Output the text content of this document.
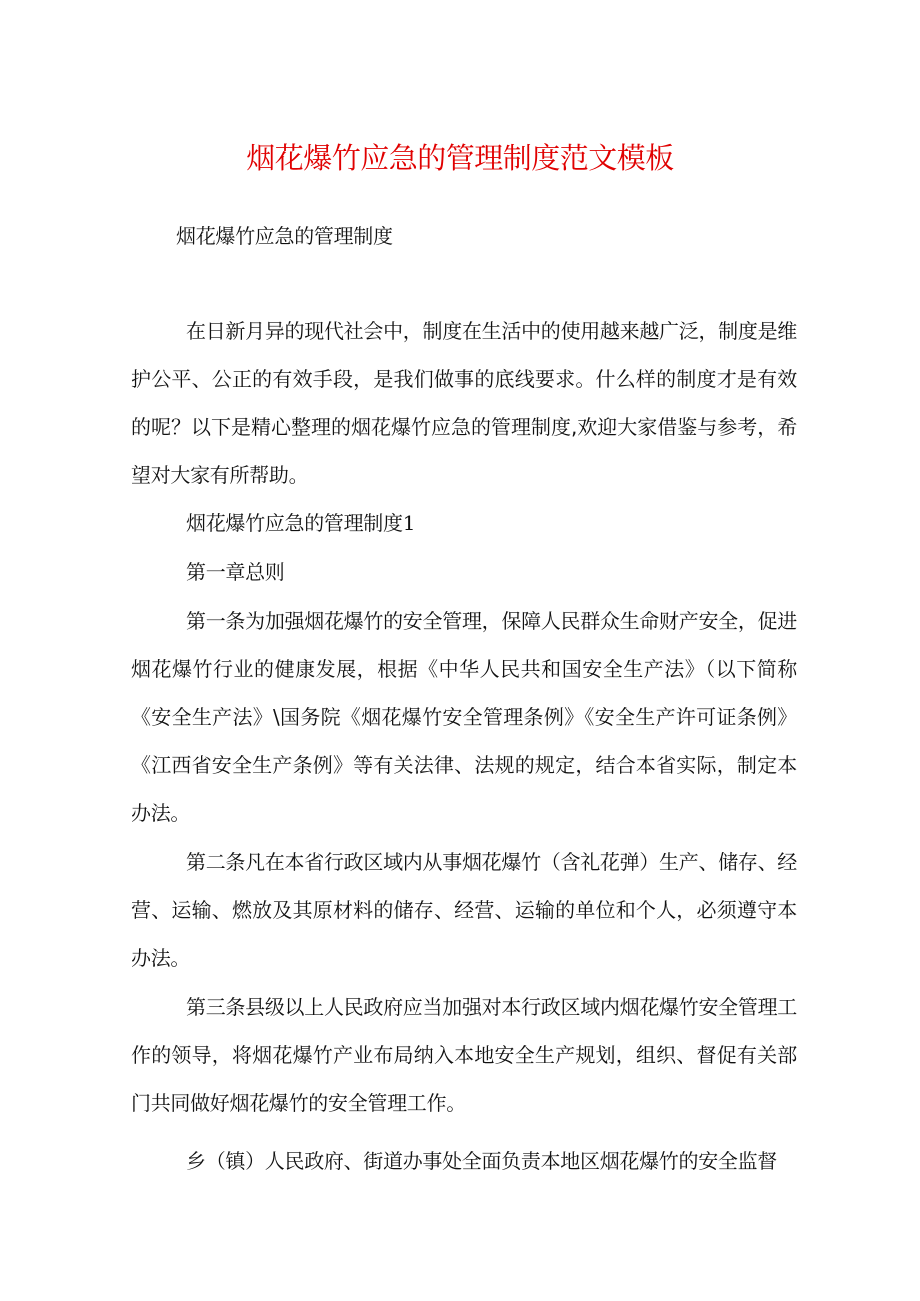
烟花爆竹应急的管理制度范文模板
烟花爆竹应急的管理制度

在日新月异的现代社会中，制度在生活中的使用越来越广泛，制度是维护公平、公正的有效手段，是我们做事的底线要求。什么样的制度才是有效的呢？以下是精心整理的烟花爆竹应急的管理制度,欢迎大家借鉴与参考，希望对大家有所帮助。

烟花爆竹应急的管理制度1
第一章总则

第一条为加强烟花爆竹的安全管理，保障人民群众生命财产安全，促进烟花爆竹行业的健康发展，根据《中华人民共和国安全生产法》（以下简称《安全生产法》\国务院《烟花爆竹安全管理条例》《安全生产许可证条例》《江西省安全生产条例》等有关法律、法规的规定，结合本省实际，制定本办法。

第二条凡在本省行政区域内从事烟花爆竹（含礼花弹）生产、储存、经营、运输、燃放及其原材料的储存、经营、运输的单位和个人，必须遵守本办法。

第三条县级以上人民政府应当加强对本行政区域内烟花爆竹安全管理工作的领导，将烟花爆竹产业布局纳入本地安全生产规划，组织、督促有关部门共同做好烟花爆竹的安全管理工作。

乡（镇）人民政府、街道办事处全面负责本地区烟花爆竹的安全监督
